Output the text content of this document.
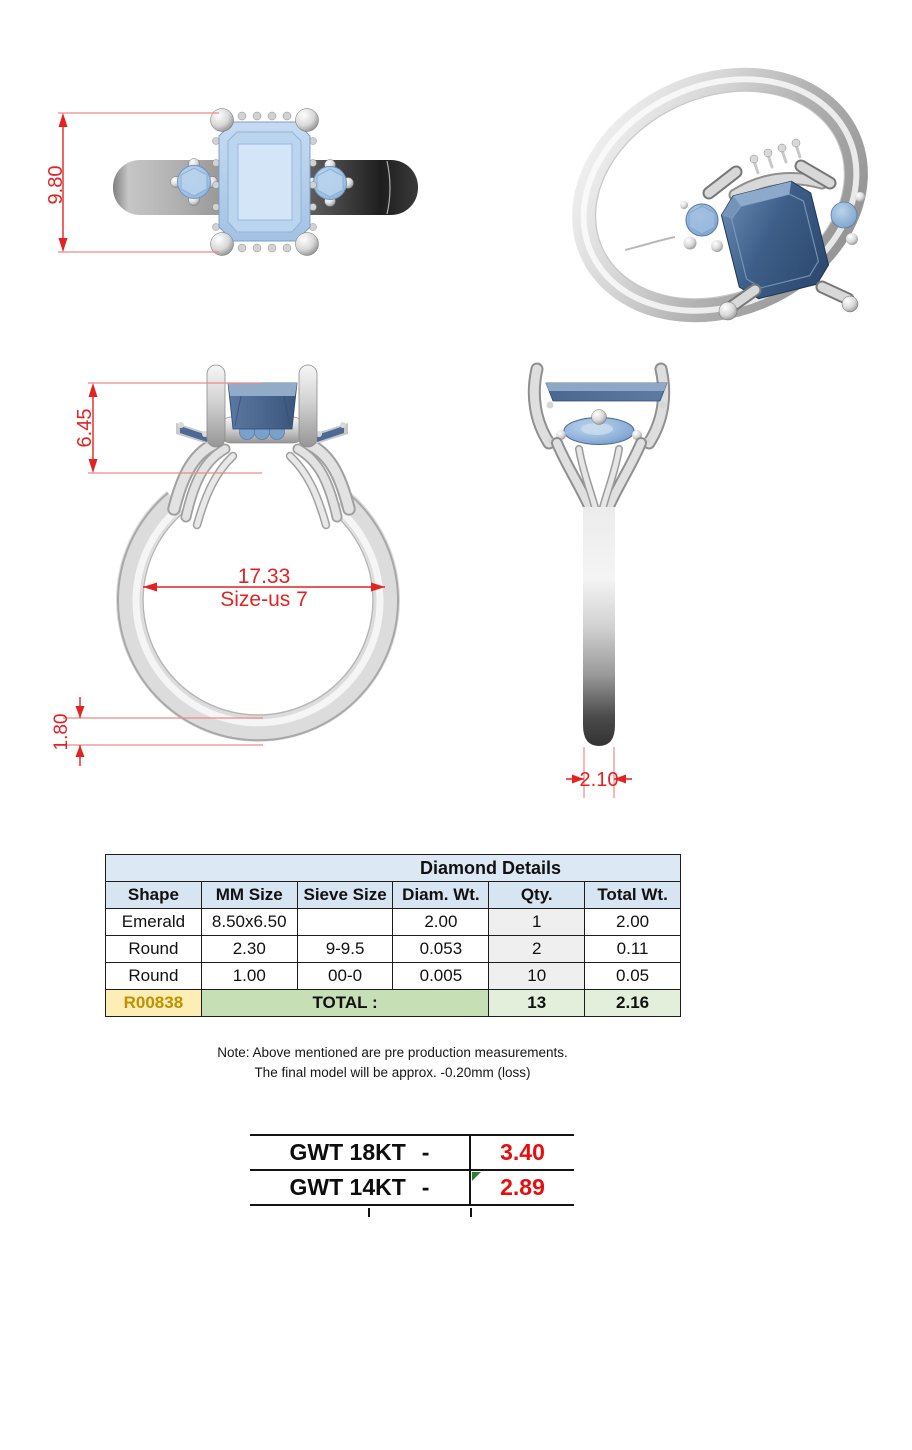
9.80
6.45
17.33
Size-us 7
1.80
2.10
Diamond Details					
Shape	MM Size	Sieve Size	Diam. Wt.	Qty.	Total Wt.
Emerald	8.50x6.50		2.00	1	2.00
Round	2.30	9-9.5	0.053	2	0.11
Round	1.00	00-0	0.005	10	0.05
R00838	TOTAL :			13	2.16
Note: Above mentioned are pre production measurements.
The final model will be approx. -0.20mm (loss)
GWT 18KT -	3.40
GWT 14KT -	2.89
